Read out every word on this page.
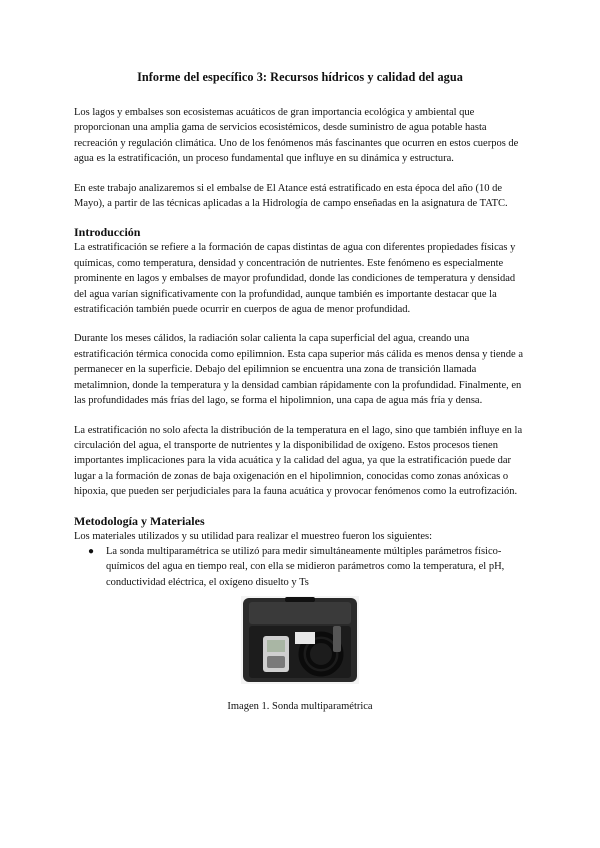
Informe del específico 3: Recursos hídricos y calidad del agua

Los lagos y embalses son ecosistemas acuáticos de gran importancia ecológica y ambiental que proporcionan una amplia gama de servicios ecosistémicos, desde suministro de agua potable hasta recreación y regulación climática. Uno de los fenómenos más fascinantes que ocurren en estos cuerpos de agua es la estratificación, un proceso fundamental que influye en su dinámica y estructura.

En este trabajo analizaremos si el embalse de El Atance está estratificado en esta época del año (10 de Mayo), a partir de las técnicas aplicadas a la Hidrología de campo enseñadas en la asignatura de TATC.

Introducción

La estratificación se refiere a la formación de capas distintas de agua con diferentes propiedades físicas y químicas, como temperatura, densidad y concentración de nutrientes. Este fenómeno es especialmente prominente en lagos y embalses de mayor profundidad, donde las condiciones de temperatura y densidad del agua varían significativamente con la profundidad, aunque también es importante destacar que la estratificación también puede ocurrir en cuerpos de agua de menor profundidad.

Durante los meses cálidos, la radiación solar calienta la capa superficial del agua, creando una estratificación térmica conocida como epilimnion. Esta capa superior más cálida es menos densa y tiende a permanecer en la superficie. Debajo del epilimnion se encuentra una zona de transición llamada metalimnion, donde la temperatura y la densidad cambian rápidamente con la profundidad. Finalmente, en las profundidades más frías del lago, se forma el hipolimnion, una capa de agua más fría y densa.

La estratificación no solo afecta la distribución de la temperatura en el lago, sino que también influye en la circulación del agua, el transporte de nutrientes y la disponibilidad de oxígeno. Estos procesos tienen importantes implicaciones para la vida acuática y la calidad del agua, ya que la estratificación puede dar lugar a la formación de zonas de baja oxigenación en el hipolimnion, conocidas como zonas anóxicas o hipoxia, que pueden ser perjudiciales para la fauna acuática y provocar fenómenos como la eutrofización.

Metodología y Materiales

Los materiales utilizados y su utilidad para realizar el muestreo fueron los siguientes:

● La sonda multiparamétrica se utilizó para medir simultáneamente múltiples parámetros físico-químicos del agua en tiempo real, con ella se midieron parámetros como la temperatura, el pH, conductividad eléctrica, el oxígeno disuelto y Ts
Imagen 1. Sonda multiparamétrica
